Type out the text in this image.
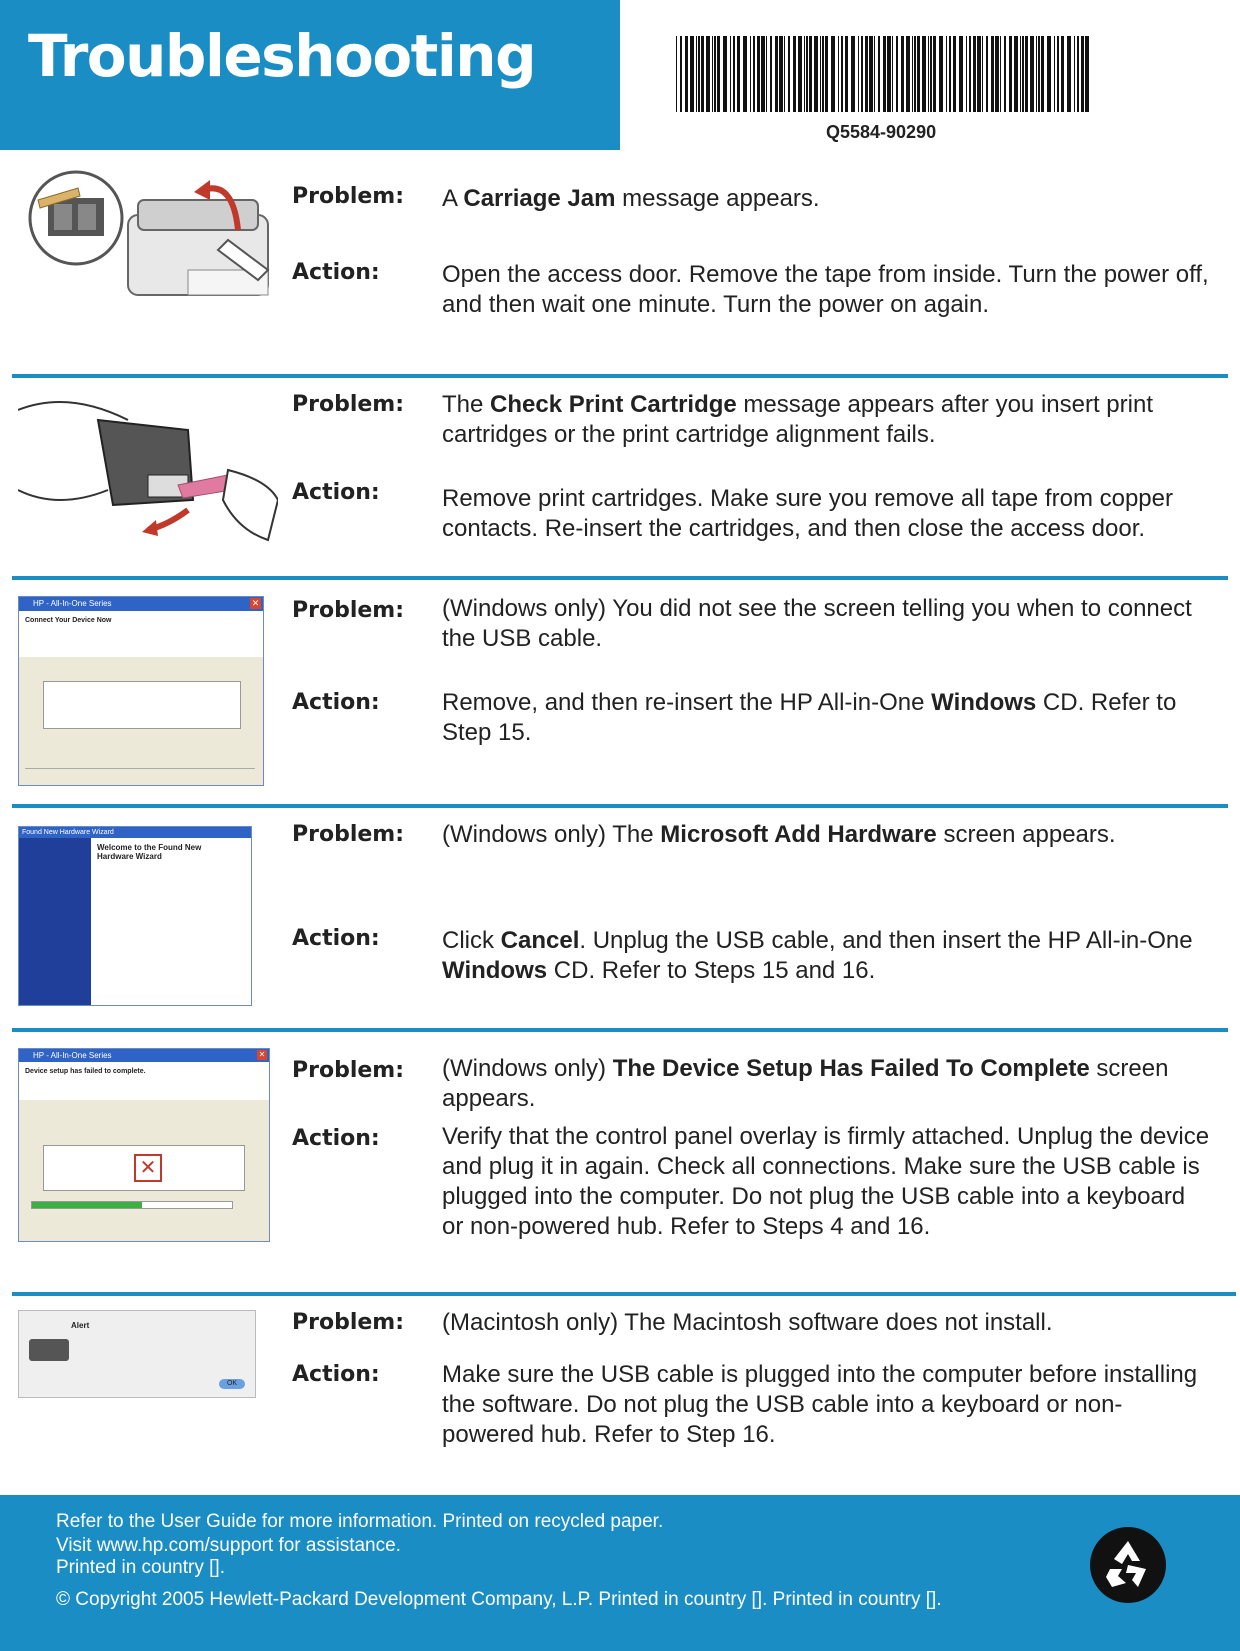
Troubleshooting
Q5584-90290
Problem: A Carriage Jam message appears.
Action:	Open the access door. Remove the tape from inside. Turn the power off, and then wait one minute. Turn the power on again.
Problem: The Check Print Cartridge message appears after you insert print cartridges or the print cartridge alignment fails.
Action:	Remove print cartridges. Make sure you remove all tape from copper contacts. Re-insert the cartridges, and then close the access door.
HP - All-In-One Series	✕
Connect Your Device Now	Problem: (Windows only) You did not see the screen telling you when to connect the USB cable.
Action:	Remove, and then re-insert the HP All-in-One Windows CD. Refer to Step 15.
Found New Hardware Wizard
Welcome to the Found New Hardware Wizard
Problem: (Windows only) The Microsoft Add Hardware screen appears.
Action:	Click Cancel. Unplug the USB cable, and then insert the HP All-in-One Windows CD. Refer to Steps 15 and 16.
HP - All-In-One Series	✕
Device setup has failed to complete.
✕
Problem: (Windows only) The Device Setup Has Failed To Complete screen appears.
Action:	Verify that the control panel overlay is firmly attached. Unplug the device and plug it in again. Check all connections. Make sure the USB cable is plugged into the computer. Do not plug the USB cable into a keyboard or non-powered hub. Refer to Steps 4 and 16.
Alert
OK
Problem: (Macintosh only) The Macintosh software does not install.
Action:	Make sure the USB cable is plugged into the computer before installing the software. Do not plug the USB cable into a keyboard or non-powered hub. Refer to Step 16.
Refer to the User Guide for more information. Printed on recycled paper.
Visit www.hp.com/support for assistance.
Printed in country [].
© Copyright 2005 Hewlett-Packard Development Company, L.P. Printed in country []. Printed in country [].
